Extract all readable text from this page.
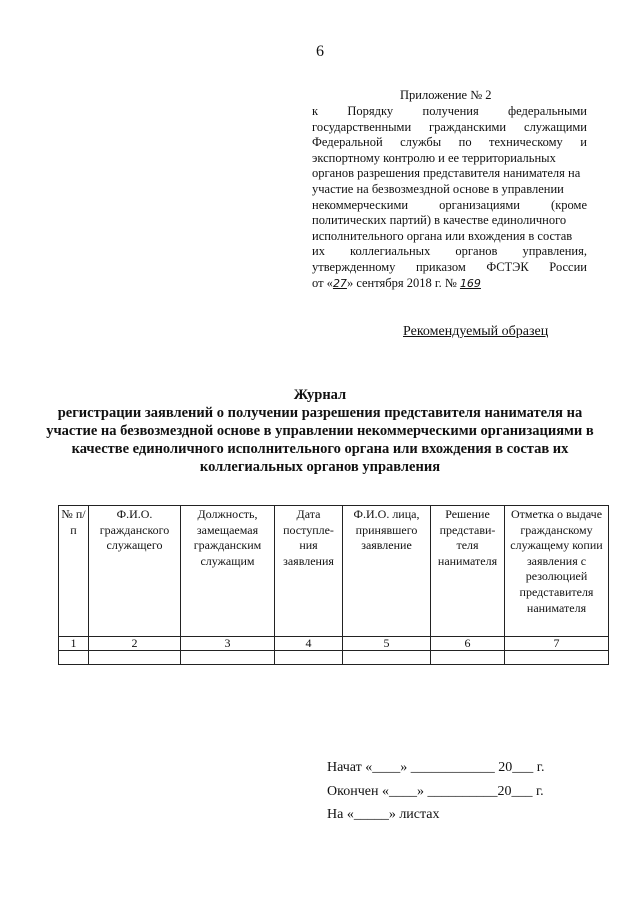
6
Приложение № 2
к Порядку получения федеральными
государственными гражданскими служащими
Федеральной службы по техническому и
экспортному контролю и ее территориальных
органов разрешения представителя нанимателя на
участие на безвозмездной основе в управлении
некоммерческими организациями (кроме
политических партий) в качестве единоличного
исполнительного органа или вхождения в состав
их коллегиальных органов управления,
утвержденному приказом ФСТЭК России
от « 27 » сентября 2018 г. № 169
Рекомендуемый образец
Журнал
регистрации заявлений о получении разрешения представителя нанимателя на участие на безвозмездной основе в управлении некоммерческими организациями в качестве единоличного исполнительного органа или вхождения в состав их коллегиальных органов управления
№ п/п	Ф.И.О. гражданского служащего	Должность, замещаемая гражданским служащим	Дата поступле-ния заявления	Ф.И.О. лица, принявшего заявление	Решение представи-теля нанимателя	Отметка о выдаче гражданскому служащему копии заявления с резолюцией представителя нанимателя
1	2	3	4	5	6	7

Начат «____» ____________ 20___ г.
Окончен «____» __________20___ г.
На «_____» листах
